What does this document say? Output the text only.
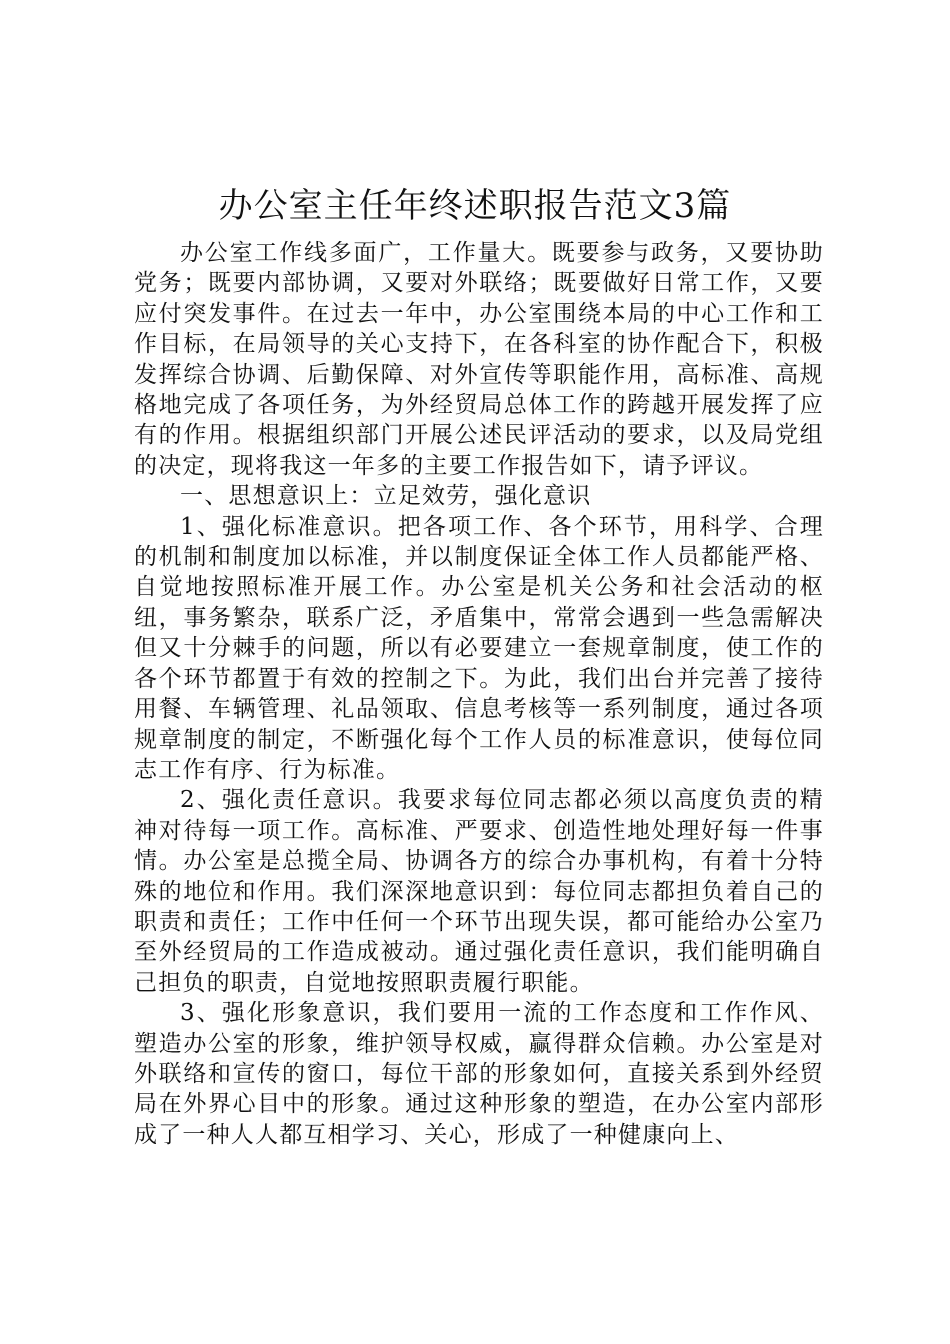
办公室主任年终述职报告范文3篇

办公室工作线多面广，工作量大。既要参与政务，又要协助党务；既要内部协调，又要对外联络；既要做好日常工作，又要应付突发事件。在过去一年中，办公室围绕本局的中心工作和工作目标，在局领导的关心支持下，在各科室的协作配合下，积极发挥综合协调、后勤保障、对外宣传等职能作用，高标准、高规格地完成了各项任务，为外经贸局总体工作的跨越开展发挥了应有的作用。根据组织部门开展公述民评活动的要求，以及局党组的决定，现将我这一年多的主要工作报告如下，请予评议。

一、思想意识上：立足效劳，强化意识

1、强化标准意识。把各项工作、各个环节，用科学、合理的机制和制度加以标准，并以制度保证全体工作人员都能严格、自觉地按照标准开展工作。办公室是机关公务和社会活动的枢纽，事务繁杂，联系广泛，矛盾集中，常常会遇到一些急需解决但又十分棘手的问题，所以有必要建立一套规章制度，使工作的各个环节都置于有效的控制之下。为此，我们出台并完善了接待用餐、车辆管理、礼品领取、信息考核等一系列制度，通过各项规章制度的制定，不断强化每个工作人员的标准意识，使每位同志工作有序、行为标准。

2、强化责任意识。我要求每位同志都必须以高度负责的精神对待每一项工作。高标准、严要求、创造性地处理好每一件事情。办公室是总揽全局、协调各方的综合办事机构，有着十分特殊的地位和作用。我们深深地意识到：每位同志都担负着自己的职责和责任；工作中任何一个环节出现失误，都可能给办公室乃至外经贸局的工作造成被动。通过强化责任意识，我们能明确自己担负的职责，自觉地按照职责履行职能。

3、强化形象意识，我们要用一流的工作态度和工作作风、塑造办公室的形象，维护领导权威，赢得群众信赖。办公室是对外联络和宣传的窗口，每位干部的形象如何，直接关系到外经贸局在外界心目中的形象。通过这种形象的塑造，在办公室内部形成了一种人人都互相学习、关心，形成了一种健康向上、
